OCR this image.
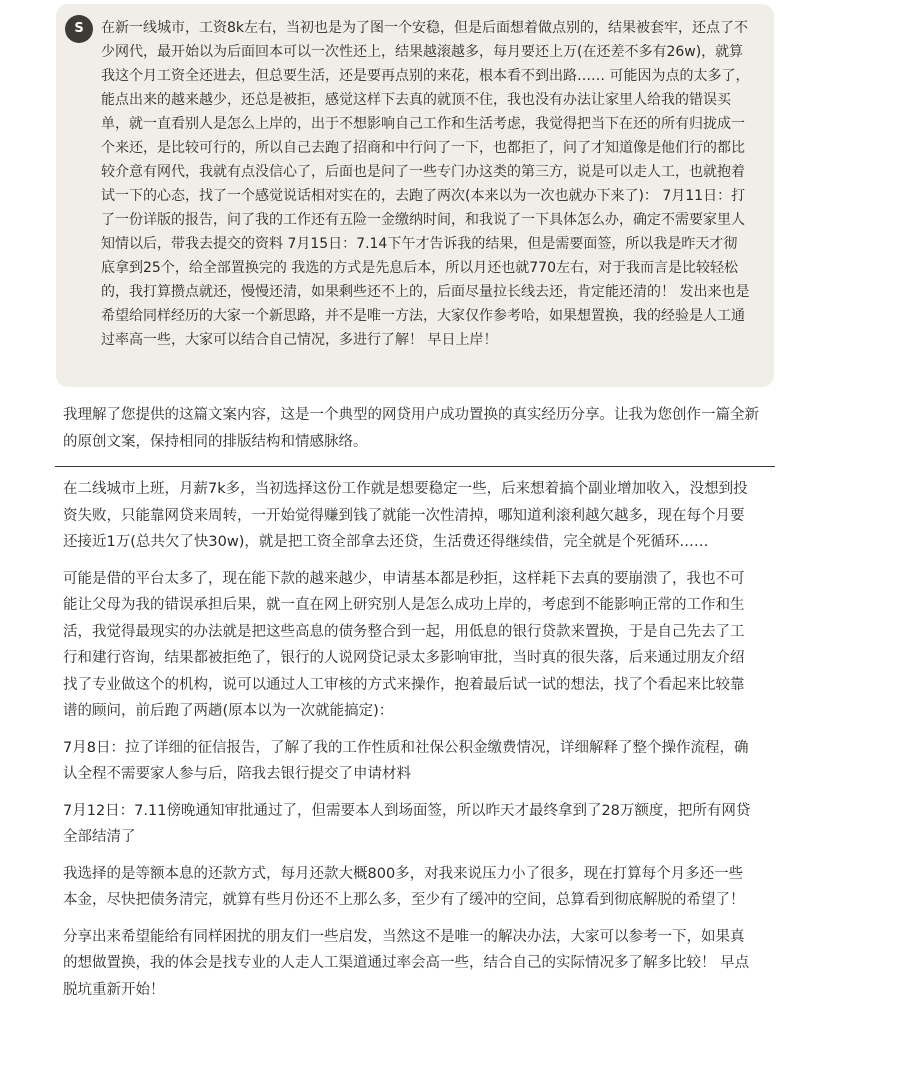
S	在新一线城市，工资8k左右，当初也是为了图一个安稳，但是后面想着做点别的，结果被套牢，还点了不少网代，最开始以为后面回本可以一次性还上，结果越滚越多，每月要还上万(在还差不多有26w)，就算我这个月工资全还进去，但总要生活，还是要再点别的来花，根本看不到出路…… 可能因为点的太多了，能点出来的越来越少，还总是被拒，感觉这样下去真的就顶不住，我也没有办法让家里人给我的错误买单，就一直看别人是怎么上岸的，出于不想影响自己工作和生活考虑，我觉得把当下在还的所有归拢成一个来还，是比较可行的，所以自己去跑了招商和中行问了一下，也都拒了，问了才知道像是他们行的都比较介意有网代，我就有点没信心了，后面也是问了一些专门办这类的第三方，说是可以走人工，也就抱着试一下的心态，找了一个感觉说话相对实在的，去跑了两次(本来以为一次也就办下来了)： 7月11日：打了一份详版的报告，问了我的工作还有五险一金缴纳时间，和我说了一下具体怎么办，确定不需要家里人知情以后，带我去提交的资料 7月15日：7.14下午才告诉我的结果，但是需要面签，所以我是昨天才彻底拿到25个，给全部置换完的 我选的方式是先息后本，所以月还也就770左右，对于我而言是比较轻松的，我打算攒点就还，慢慢还清，如果剩些还不上的，后面尽量拉长线去还，肯定能还清的！ 发出来也是希望给同样经历的大家一个新思路，并不是唯一方法，大家仅作参考哈，如果想置换，我的经验是人工通过率高一些，大家可以结合自己情况，多进行了解！ 早日上岸！

我理解了您提供的这篇文案内容，这是一个典型的网贷用户成功置换的真实经历分享。让我为您创作一篇全新的原创文案，保持相同的排版结构和情感脉络。

在二线城市上班，月薪7k多，当初选择这份工作就是想要稳定一些，后来想着搞个副业增加收入，没想到投资失败，只能靠网贷来周转，一开始觉得赚到钱了就能一次性清掉，哪知道利滚利越欠越多，现在每个月要还接近1万(总共欠了快30w)，就是把工资全部拿去还贷，生活费还得继续借，完全就是个死循环……

可能是借的平台太多了，现在能下款的越来越少，申请基本都是秒拒，这样耗下去真的要崩溃了，我也不可能让父母为我的错误承担后果，就一直在网上研究别人是怎么成功上岸的，考虑到不能影响正常的工作和生活，我觉得最现实的办法就是把这些高息的债务整合到一起，用低息的银行贷款来置换，于是自己先去了工行和建行咨询，结果都被拒绝了，银行的人说网贷记录太多影响审批，当时真的很失落，后来通过朋友介绍找了专业做这个的机构，说可以通过人工审核的方式来操作，抱着最后试一试的想法，找了个看起来比较靠谱的顾问，前后跑了两趟(原本以为一次就能搞定)：

7月8日：拉了详细的征信报告，了解了我的工作性质和社保公积金缴费情况，详细解释了整个操作流程，确认全程不需要家人参与后，陪我去银行提交了申请材料

7月12日：7.11傍晚通知审批通过了，但需要本人到场面签，所以昨天才最终拿到了28万额度，把所有网贷全部结清了

我选择的是等额本息的还款方式，每月还款大概800多，对我来说压力小了很多，现在打算每个月多还一些本金，尽快把债务清完，就算有些月份还不上那么多，至少有了缓冲的空间，总算看到彻底解脱的希望了！

分享出来希望能给有同样困扰的朋友们一些启发，当然这不是唯一的解决办法，大家可以参考一下，如果真的想做置换，我的体会是找专业的人走人工渠道通过率会高一些，结合自己的实际情况多了解多比较！ 早点脱坑重新开始！
